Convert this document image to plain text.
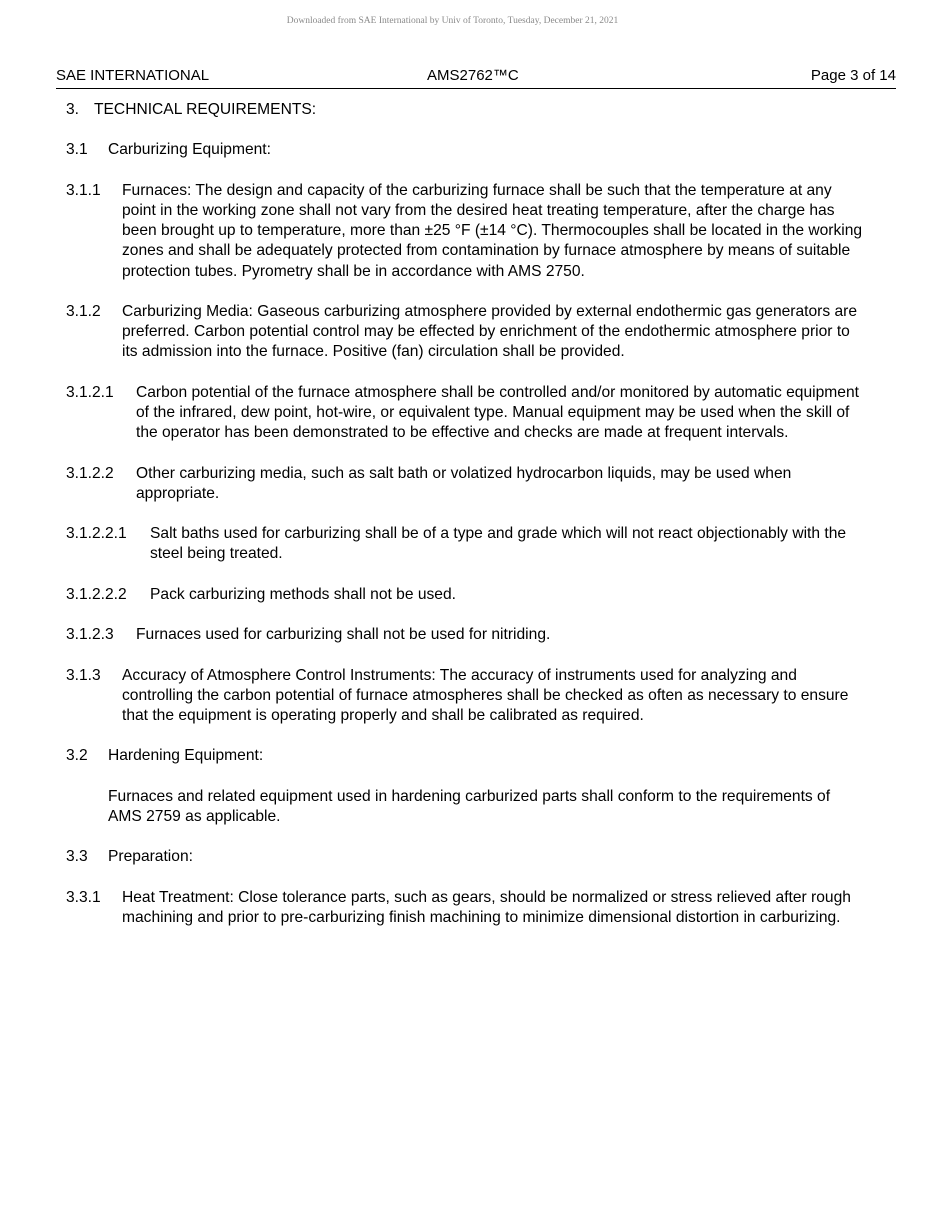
Downloaded from SAE International by Univ of Toronto, Tuesday, December 21, 2021
SAE INTERNATIONAL	AMS2762™C	Page 3 of 14
3. TECHNICAL REQUIREMENTS:
3.1 Carburizing Equipment:
3.1.1 Furnaces: The design and capacity of the carburizing furnace shall be such that the temperature at any point in the working zone shall not vary from the desired heat treating temperature, after the charge has been brought up to temperature, more than ±25 °F (±14 °C). Thermocouples shall be located in the working zones and shall be adequately protected from contamination by furnace atmosphere by means of suitable protection tubes. Pyrometry shall be in accordance with AMS 2750.
3.1.2 Carburizing Media: Gaseous carburizing atmosphere provided by external endothermic gas generators are preferred. Carbon potential control may be effected by enrichment of the endothermic atmosphere prior to its admission into the furnace. Positive (fan) circulation shall be provided.
3.1.2.1 Carbon potential of the furnace atmosphere shall be controlled and/or monitored by automatic equipment of the infrared, dew point, hot-wire, or equivalent type. Manual equipment may be used when the skill of the operator has been demonstrated to be effective and checks are made at frequent intervals.
3.1.2.2 Other carburizing media, such as salt bath or volatized hydrocarbon liquids, may be used when appropriate.
3.1.2.2.1 Salt baths used for carburizing shall be of a type and grade which will not react objectionably with the steel being treated.
3.1.2.2.2 Pack carburizing methods shall not be used.
3.1.2.3 Furnaces used for carburizing shall not be used for nitriding.
3.1.3 Accuracy of Atmosphere Control Instruments: The accuracy of instruments used for analyzing and controlling the carbon potential of furnace atmospheres shall be checked as often as necessary to ensure that the equipment is operating properly and shall be calibrated as required.
3.2 Hardening Equipment:
Furnaces and related equipment used in hardening carburized parts shall conform to the requirements of AMS 2759 as applicable.
3.3 Preparation:
3.3.1 Heat Treatment: Close tolerance parts, such as gears, should be normalized or stress relieved after rough machining and prior to pre-carburizing finish machining to minimize dimensional distortion in carburizing.
